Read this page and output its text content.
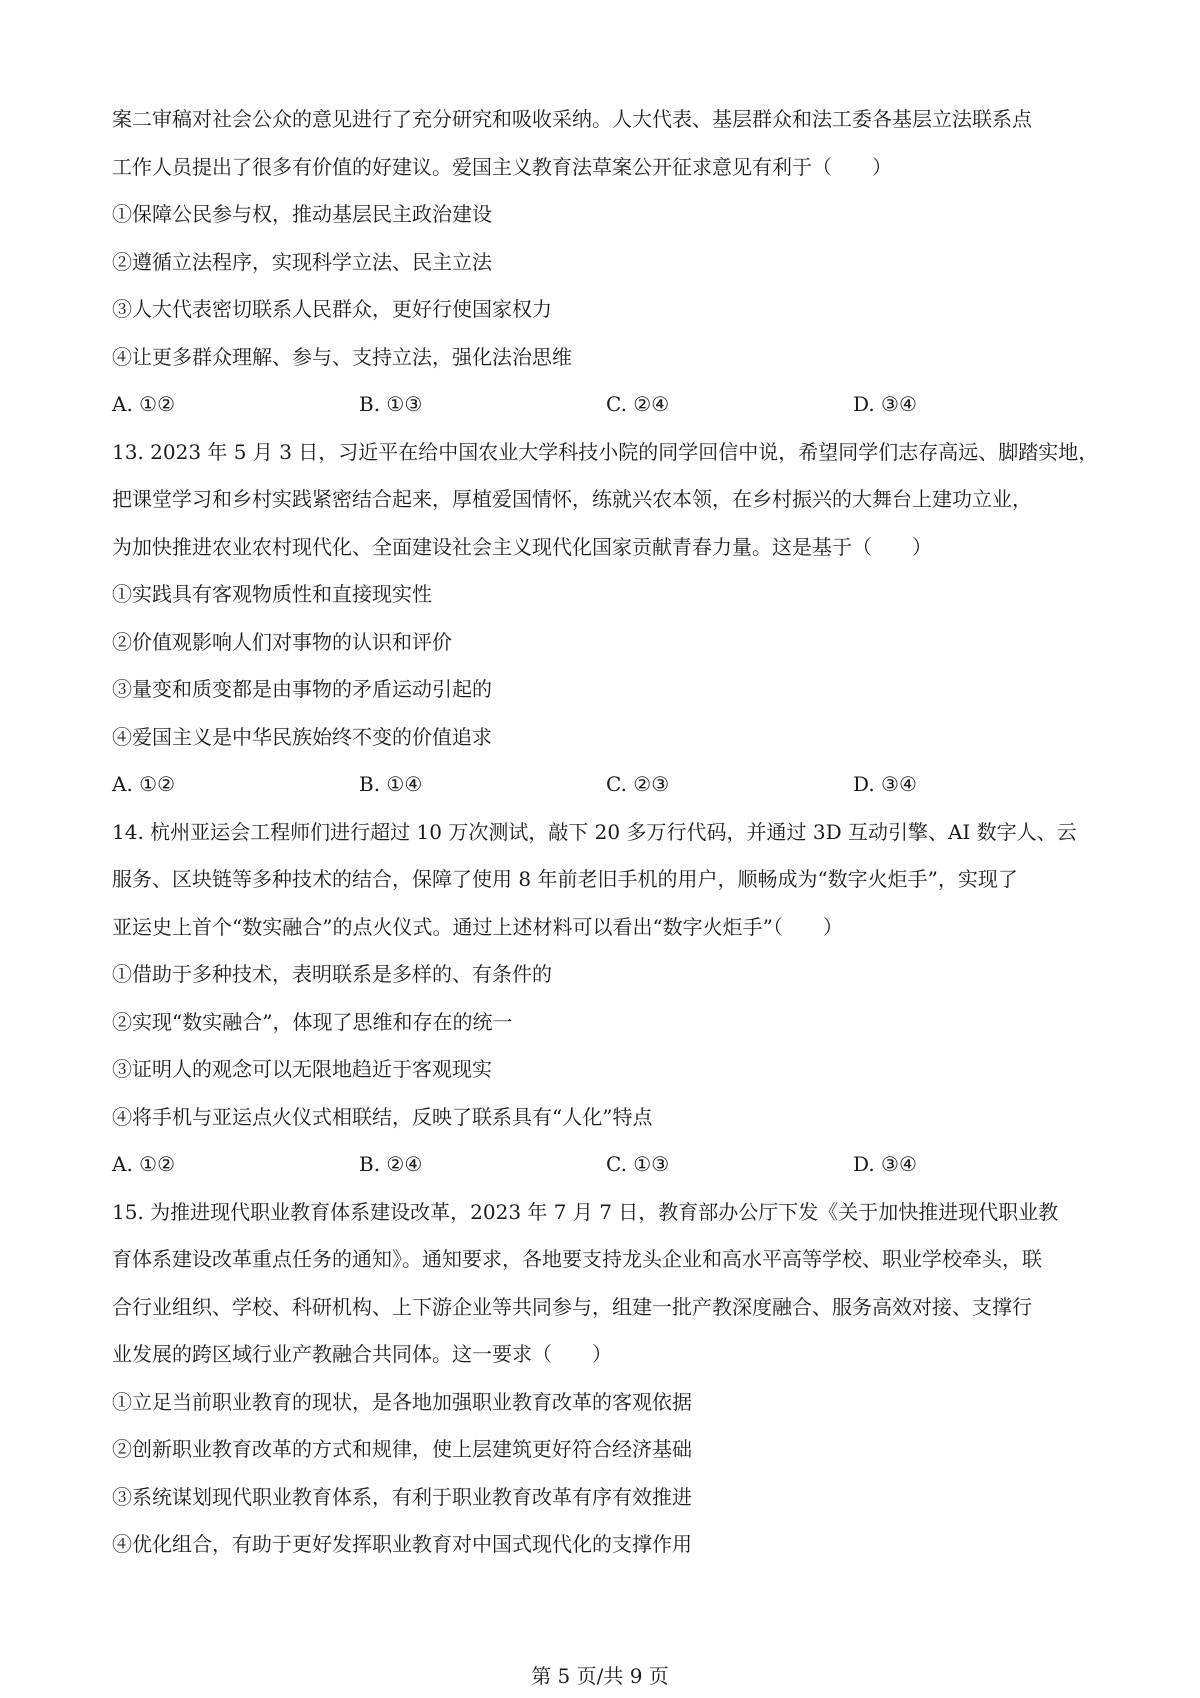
案二审稿对社会公众的意见进行了充分研究和吸收采纳。人大代表、基层群众和法工委各基层立法联系点
工作人员提出了很多有价值的好建议。爱国主义教育法草案公开征求意见有利于（　　）
①保障公民参与权，推动基层民主政治建设
②遵循立法程序，实现科学立法、民主立法
③人大代表密切联系人民群众，更好行使国家权力
④让更多群众理解、参与、支持立法，强化法治思维
A. ①②	B. ①③	C. ②④	D. ③④
13. 2023 年 5 月 3 日，习近平在给中国农业大学科技小院的同学回信中说，希望同学们志存高远、脚踏实地，
把课堂学习和乡村实践紧密结合起来，厚植爱国情怀，练就兴农本领，在乡村振兴的大舞台上建功立业，
为加快推进农业农村现代化、全面建设社会主义现代化国家贡献青春力量。这是基于（　　）
①实践具有客观物质性和直接现实性
②价值观影响人们对事物的认识和评价
③量变和质变都是由事物的矛盾运动引起的
④爱国主义是中华民族始终不变的价值追求
A. ①②	B. ①④	C. ②③	D. ③④
14. 杭州亚运会工程师们进行超过 10 万次测试，敲下 20 多万行代码，并通过 3D 互动引擎、AI 数字人、云
服务、区块链等多种技术的结合，保障了使用 8 年前老旧手机的用户，顺畅成为“数字火炬手”，实现了
亚运史上首个“数实融合”的点火仪式。通过上述材料可以看出“数字火炬手”（　　）
①借助于多种技术，表明联系是多样的、有条件的
②实现“数实融合”，体现了思维和存在的统一
③证明人的观念可以无限地趋近于客观现实
④将手机与亚运点火仪式相联结，反映了联系具有“人化”特点
A. ①②	B. ②④	C. ①③	D. ③④
15. 为推进现代职业教育体系建设改革，2023 年 7 月 7 日，教育部办公厅下发《关于加快推进现代职业教
育体系建设改革重点任务的通知》。通知要求，各地要支持龙头企业和高水平高等学校、职业学校牵头，联
合行业组织、学校、科研机构、上下游企业等共同参与，组建一批产教深度融合、服务高效对接、支撑行
业发展的跨区域行业产教融合共同体。这一要求（　　）
①立足当前职业教育的现状，是各地加强职业教育改革的客观依据
②创新职业教育改革的方式和规律，使上层建筑更好符合经济基础
③系统谋划现代职业教育体系，有利于职业教育改革有序有效推进
④优化组合，有助于更好发挥职业教育对中国式现代化的支撑作用
第 5 页/共 9 页
